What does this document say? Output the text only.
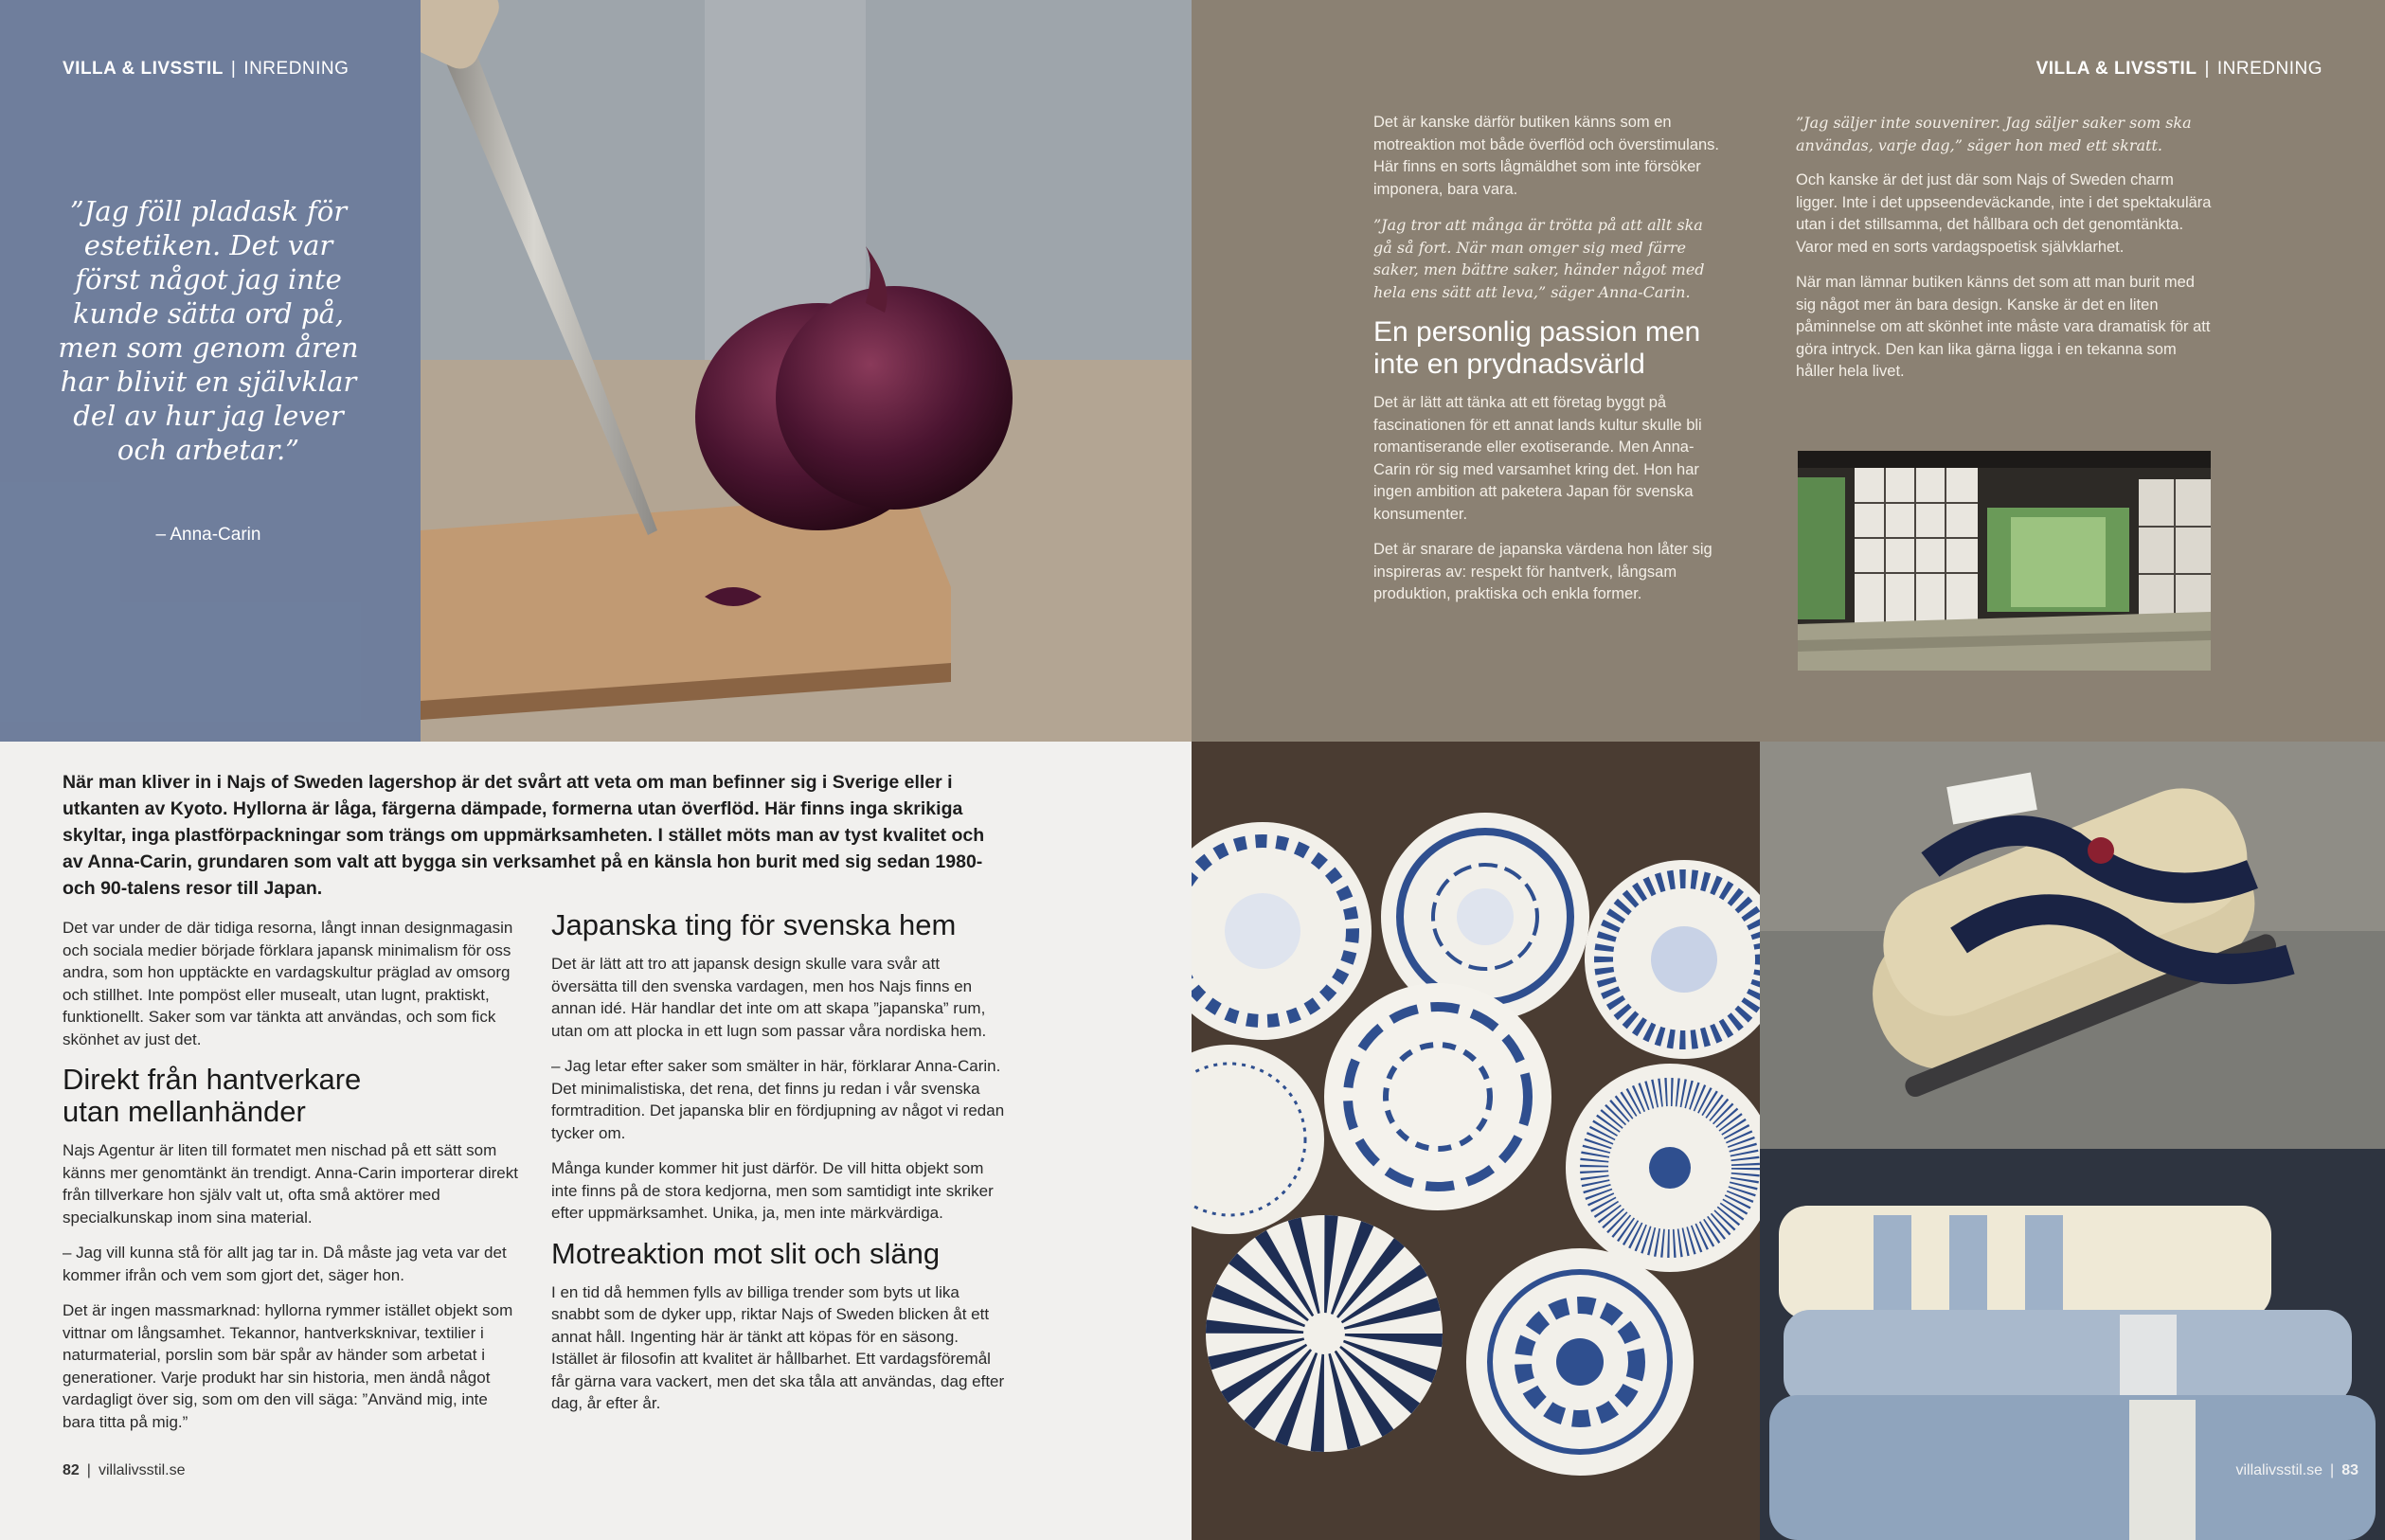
VILLA & LIVSSTIL | INREDNING
”Jag föll pladask för estetiken. Det var först något jag inte kunde sätta ord på, men som genom åren har blivit en självklar del av hur jag lever och arbetar.”
– Anna-Carin
VILLA & LIVSSTIL | INREDNING

Det är kanske därför butiken känns som en motreaktion mot både överflöd och överstimulans. Här finns en sorts lågmäldhet som inte försöker imponera, bara vara.

”Jag tror att många är trötta på att allt ska gå så fort. När man omger sig med färre saker, men bättre saker, händer något med hela ens sätt att leva,” säger Anna-Carin.

En personlig passion men inte en prydnadsvärld

Det är lätt att tänka att ett företag byggt på fascinationen för ett annat lands kultur skulle bli romantiserande eller exotiserande. Men Anna-Carin rör sig med varsamhet kring det. Hon har ingen ambition att paketera Japan för svenska konsumenter.

Det är snarare de japanska värdena hon låter sig inspireras av: respekt för hantverk, långsam produktion, praktiska och enkla former.

”Jag säljer inte souvenirer. Jag säljer saker som ska användas, varje dag,” säger hon med ett skratt.

Och kanske är det just där som Najs of Sweden charm ligger. Inte i det uppseendeväckande, inte i det spektakulära utan i det stillsamma, det hållbara och det genomtänkta. Varor med en sorts vardagspoetisk självklarhet.

När man lämnar butiken känns det som att man burit med sig något mer än bara design. Kanske är det en liten påminnelse om att skönhet inte måste vara dramatisk för att göra intryck. Den kan lika gärna ligga i en tekanna som håller hela livet.

När man kliver in i Najs of Sweden lagershop är det svårt att veta om man befinner sig i Sverige eller i utkanten av Kyoto. Hyllorna är låga, färgerna dämpade, formerna utan överflöd. Här finns inga skrikiga skyltar, inga plastförpackningar som trängs om uppmärksamheten. I stället möts man av tyst kvalitet och av Anna-Carin, grundaren som valt att bygga sin verksamhet på en känsla hon burit med sig sedan 1980- och 90-talens resor till Japan.

Det var under de där tidiga resorna, långt innan designmagasin och sociala medier började förklara japansk minimalism för oss andra, som hon upptäckte en vardagskultur präglad av omsorg och stillhet. Inte pompöst eller musealt, utan lugnt, praktiskt, funktionellt. Saker som var tänkta att användas, och som fick skönhet av just det.

Direkt från hantverkare utan mellanhänder

Najs Agentur är liten till formatet men nischad på ett sätt som känns mer genomtänkt än trendigt. Anna-Carin importerar direkt från tillverkare hon själv valt ut, ofta små aktörer med specialkunskap inom sina material.

– Jag vill kunna stå för allt jag tar in. Då måste jag veta var det kommer ifrån och vem som gjort det, säger hon.

Det är ingen massmarknad: hyllorna rymmer istället objekt som vittnar om långsamhet. Tekannor, hantverksknivar, textilier i naturmaterial, porslin som bär spår av händer som arbetat i generationer. Varje produkt har sin historia, men ändå något vardagligt över sig, som om den vill säga: ”Använd mig, inte bara titta på mig.”

Japanska ting för svenska hem

Det är lätt att tro att japansk design skulle vara svår att översätta till den svenska vardagen, men hos Najs finns en annan idé. Här handlar det inte om att skapa ”japanska” rum, utan om att plocka in ett lugn som passar våra nordiska hem.

– Jag letar efter saker som smälter in här, förklarar Anna-Carin. Det minimalistiska, det rena, det finns ju redan i vår svenska formtradition. Det japanska blir en fördjupning av något vi redan tycker om.

Många kunder kommer hit just därför. De vill hitta objekt som inte finns på de stora kedjorna, men som samtidigt inte skriker efter uppmärksamhet. Unika, ja, men inte märkvärdiga.

Motreaktion mot slit och släng

I en tid då hemmen fylls av billiga trender som byts ut lika snabbt som de dyker upp, riktar Najs of Sweden blicken åt ett annat håll. Ingenting här är tänkt att köpas för en säsong. Istället är filosofin att kvalitet är hållbarhet. Ett vardagsföremål får gärna vara vackert, men det ska tåla att användas, dag efter dag, år efter år.

82 | villalivsstil.se	villalivsstil.se | 83
